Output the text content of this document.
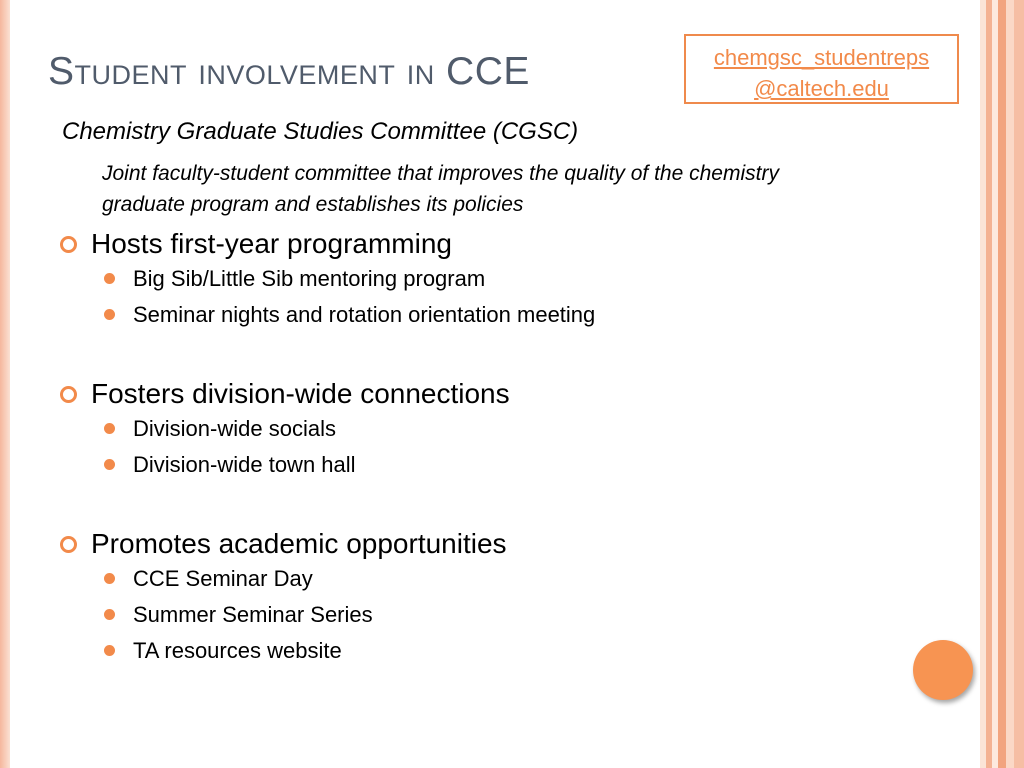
Student involvement in CCE	chemgsc_studentreps
@caltech.edu

Chemistry Graduate Studies Committee (CGSC)

Joint faculty-student committee that improves the quality of the chemistry graduate program and establishes its policies

Hosts first-year programming
Big Sib/Little Sib mentoring program
Seminar nights and rotation orientation meeting
Fosters division-wide connections
Division-wide socials
Division-wide town hall
Promotes academic opportunities
CCE Seminar Day
Summer Seminar Series
TA resources website
